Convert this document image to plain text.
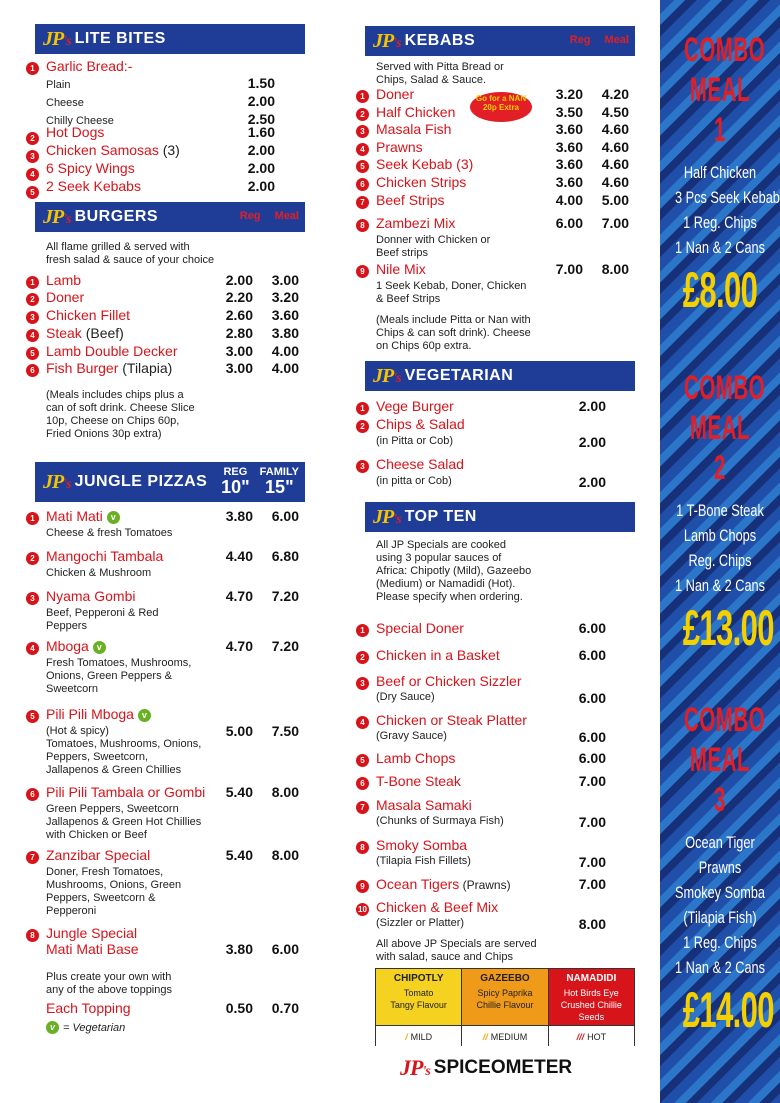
JP's LITE BITES
1 Garlic Bread:-
Plain	1.50
Cheese	2.00
Chilly Cheese	2.50
2 Hot Dogs	1.60
3 Chicken Samosas (3)	2.00
4 6 Spicy Wings	2.00
5 2 Seek Kebabs	2.00
JP's BURGERS	Reg Meal
All flame grilled & served with
fresh salad & sauce of your choice
1 Lamb	2.00	3.00
2 Doner	2.20	3.20
3 Chicken Fillet	2.60	3.60
4 Steak (Beef)	2.80	3.80
5 Lamb Double Decker	3.00	4.00
6 Fish Burger (Tilapia)	3.00	4.00
(Meals includes chips plus a
can of soft drink. Cheese Slice
10p, Cheese on Chips 60p,
Fried Onions 30p extra)
JP's JUNGLE PIZZAS
REG
10"
FAMILY
15"
1 Mati Mati v
Cheese & fresh Tomatoes
3.80	6.00
2 Mangochi Tambala
Chicken & Mushroom
4.40	6.80
3 Nyama Gombi
Beef, Pepperoni & Red
Peppers
4.70	7.20
4 Mboga v
Fresh Tomatoes, Mushrooms,
Onions, Green Peppers &
Sweetcorn
4.70	7.20
5 Pili Pili Mboga v
(Hot & spicy)
Tomatoes, Mushrooms, Onions,
Peppers, Sweetcorn,
Jallapenos & Green Chillies
5.00	7.50
6 Pili Pili Tambala or Gombi
Green Peppers, Sweetcorn
Jallapenos & Green Hot Chillies
with Chicken or Beef
5.40	8.00
7 Zanzibar Special
Doner, Fresh Tomatoes,
Mushrooms, Onions, Green
Peppers, Sweetcorn &
Pepperoni
5.40	8.00
8 Jungle Special
Mati Mati Base	3.80	6.00
Plus create your own with
any of the above toppings
Each Topping	0.50	0.70
v = Vegetarian
JP's KEBABS	Reg Meal
Served with Pitta Bread or
Chips, Salad & Sauce.
Go for a NAN 20p Extra
1 Doner	3.20	4.20
2 Half Chicken	3.50	4.50
3 Masala Fish	3.60	4.60
4 Prawns	3.60	4.60
5 Seek Kebab (3)	3.60	4.60
6 Chicken Strips	3.60	4.60
7 Beef Strips	4.00	5.00
8 Zambezi Mix	6.00	7.00
Donner with Chicken or
Beef strips
9 Nile Mix	7.00	8.00
1 Seek Kebab, Doner, Chicken
& Beef Strips
(Meals include Pitta or Nan with
Chips & can soft drink). Cheese
on Chips 60p extra.
JP's VEGETARIAN
1 Vege Burger	2.00
2 Chips & Salad
(in Pitta or Cob)	2.00
3 Cheese Salad
(in pitta or Cob)	2.00
JP's TOP TEN
All JP Specials are cooked
using 3 popular sauces of
Africa: Chipotly (Mild), Gazeebo
(Medium) or Namadidi (Hot).
Please specify when ordering.
1 Special Doner	6.00
2 Chicken in a Basket	6.00
3 Beef or Chicken Sizzler
(Dry Sauce)	6.00
4 Chicken or Steak Platter
(Gravy Sauce)	6.00
5 Lamb Chops	6.00
6 T-Bone Steak	7.00
7 Masala Samaki
(Chunks of Surmaya Fish)	7.00
8 Smoky Somba
(Tilapia Fish Fillets)	7.00
9 Ocean Tigers (Prawns)	7.00
10 Chicken & Beef Mix
(Sizzler or Platter)	8.00
All above JP Specials are served
with salad, sauce and Chips
CHIPOTLY
Tomato
Tangy Flavour
/ MILD
GAZEEBO
Spicy Paprika
Chillie Flavour
// MEDIUM
NAMADIDI
Hot Birds Eye
Crushed Chillie Seeds
/// HOT
JP's SPICEOMETER
COMBO
MEAL 1
Half Chicken
3 Pcs Seek Kebab
1 Reg. Chips
1 Nan & 2 Cans
£8.00
COMBO
MEAL 2
1 T-Bone Steak
Lamb Chops
Reg. Chips
1 Nan & 2 Cans
£13.00
COMBO
MEAL 3
Ocean Tiger
Prawns
Smokey Somba
(Tilapia Fish)
1 Reg. Chips
1 Nan & 2 Cans
£14.00
